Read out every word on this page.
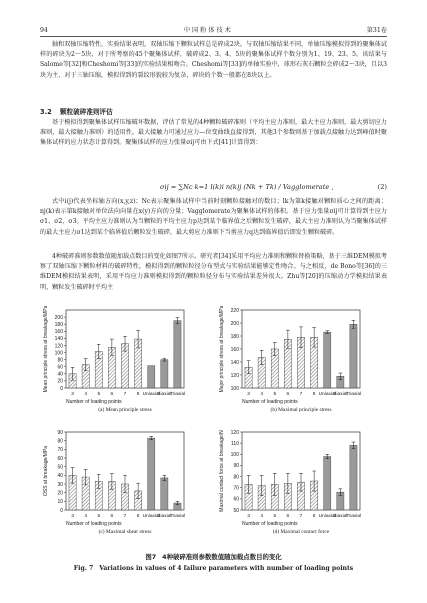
94	中 国 粉 体 技 术	第31卷

轴和双轴压缩特性，实验结果表明，双轴压缩下颗粒试样总是碎成2块。与双轴压缩结果不同，单轴压缩模拟得到的聚集体试样的碎块为2～5块，对于所考察的45个聚集体试样，破碎成2、3、4、5块的聚集体试样个数分别为1、19、23、5。该结果与Salome等[32]和Cheshomi等[33]的实验结果相吻合。Cheshomi等[33]的单轴实验中，球形石灰石颗粒会碎成2～3块，且以3块为主，对于三轴压缩，模拟得到的裂纹形貌较为复杂，碎块的个数一般都在8块以上。

3.2 颗粒破碎准则评估

基于模拟得到聚集体试样压缩破坏数据，评估了常见的4种颗粒破碎准则（平均主应力准则，最大主应力准则，最大剪切应力准则，最大接触力准则）的适用性。最大接触力可通过应力—位变曲线直接得到，其他3个参数则基于加载点接触力达到峰值时聚集体试样的应力状态计算得到。聚集体试样的应力张量σij可由下式[41]计算得到：

σij = ∑Nc k=1 l(k)i n(k)j (Nk + Tk) / Vagglomerate ,	(2)

式中i(j)代表坐标轴方向(x,y,z)；Nc表示聚集体试样中当前时刻颗粒接触对的数目；lk为第k接触对颗粒质心之间的距离；nj(k)表示第k接触对单位法向向量在x(y)方向的分量；Vagglomerate为聚集体试样的体积。基于应力张量σij可计算得到主应力σ1、σ2、σ3。平均主应力准则认为当颗粒的平均主应力p达到某个临界值之后颗粒发生破碎，最大主应力准则认为当聚集体试样的最大主应力σ1达到某个临界值后颗粒发生破碎，最大剪应力准则下当剪应力q达到临界值后即发生颗粒破碎。

4种破碎准则参数数值随加载点数目的变化如图7所示。研究者[34]采用平均应力准则和颗粒替换策略，基于三维DEM模拟考察了双轴压缩下颗粒材料的破碎特性，模拟得到的颗粒粒径分布型式与实验结果能够定性吻合。与之相反，de Bono等[36]的三维DEM模拟结果表明，采用平均应力准则模拟得到的颗粒粒径分布与实验结果差异很大。Zhu等[20]的压缩动力学模拟结果表明，颗粒发生破碎时平均主

0
20
40
60
80
100
120
140
160
180
200
Mean principle stress at breakage/MPa
3 4 5 6 7 8 Uniaxial
Biaxial
Triaxial
Number of loading points
(a) Mean principle stress
100
120
140
160
180
200
220
Major principle stress at breakage/MPa
3 4 5 6 7 8 Uniaxial
Biaxial
Triaxial
Number of loading points
(b) Maximal principle stress
0
10
20
30
40
50
60
70
80
90
OSS at breakage/MPa
3 4 5 6 7 8 Uniaxial
Biaxial
Triaxial
Number of loading points
(c) Maximal shear stress
50
60
70
80
90
100
110
120
Maximal contact force at breakage/N
3 4 5 6 7 8 Uniaxial
Biaxial
Triaxial
Number of loading points
(d) Maximal contact force
图7 4种破碎准则参数数值随加载点数目的变化
Fig. 7 Variations in values of 4 failure parameters with number of loading points
